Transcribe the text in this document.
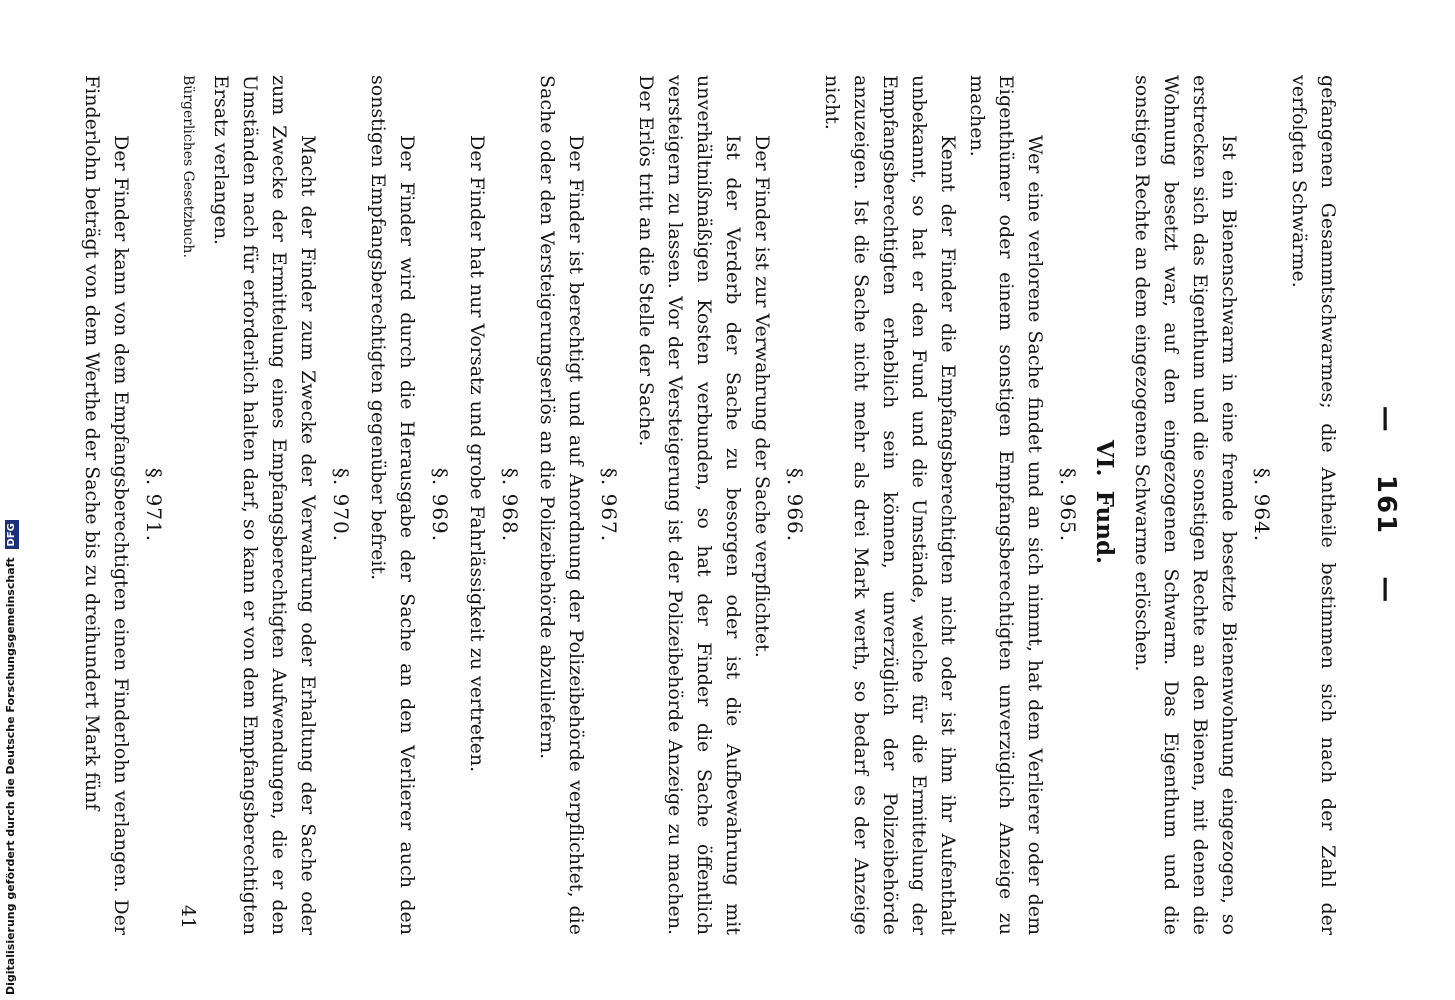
— 161 —

gefangenen Gesammtschwarmes; die Antheile bestimmen sich nach der Zahl der verfolgten Schwärme.

§. 964.

Ist ein Bienenschwarm in eine fremde besetzte Bienenwohnung eingezogen, so erstrecken sich das Eigenthum und die sonstigen Rechte an den Bienen, mit denen die Wohnung besetzt war, auf den eingezogenen Schwarm. Das Eigenthum und die sonstigen Rechte an dem eingezogenen Schwarme erlöschen.

VI. Fund.
§. 965.

Wer eine verlorene Sache findet und an sich nimmt, hat dem Verlierer oder dem Eigenthümer oder einem sonstigen Empfangsberechtigten unverzüglich Anzeige zu machen.

Kennt der Finder die Empfangsberechtigten nicht oder ist ihm ihr Aufenthalt unbekannt, so hat er den Fund und die Umstände, welche für die Ermittelung der Empfangsberechtigten erheblich sein können, unverzüglich der Polizeibehörde anzuzeigen. Ist die Sache nicht mehr als drei Mark werth, so bedarf es der Anzeige nicht.

§. 966.

Der Finder ist zur Verwahrung der Sache verpflichtet.

Ist der Verderb der Sache zu besorgen oder ist die Aufbewahrung mit unverhältnißmäßigen Kosten verbunden, so hat der Finder die Sache öffentlich versteigern zu lassen. Vor der Versteigerung ist der Polizeibehörde Anzeige zu machen. Der Erlös tritt an die Stelle der Sache.

§. 967.

Der Finder ist berechtigt und auf Anordnung der Polizeibehörde verpflichtet, die Sache oder den Versteigerungserlös an die Polizeibehörde abzuliefern.

§. 968.

Der Finder hat nur Vorsatz und grobe Fahrlässigkeit zu vertreten.

§. 969.

Der Finder wird durch die Herausgabe der Sache an den Verlierer auch den sonstigen Empfangsberechtigten gegenüber befreit.

§. 970.

Macht der Finder zum Zwecke der Verwahrung oder Erhaltung der Sache oder zum Zwecke der Ermittelung eines Empfangsberechtigten Aufwendungen, die er den Umständen nach für erforderlich halten darf, so kann er von dem Empfangsberechtigten Ersatz verlangen.

Bürgerliches Gesetzbuch.
41
§. 971.

Der Finder kann von dem Empfangsberechtigten einen Finderlohn verlangen. Der Finderlohn beträgt von dem Werthe der Sache bis zu dreihundert Mark fünf

Digitalisierung gefördert durch die Deutsche Forschungsgemeinschaft DFG
